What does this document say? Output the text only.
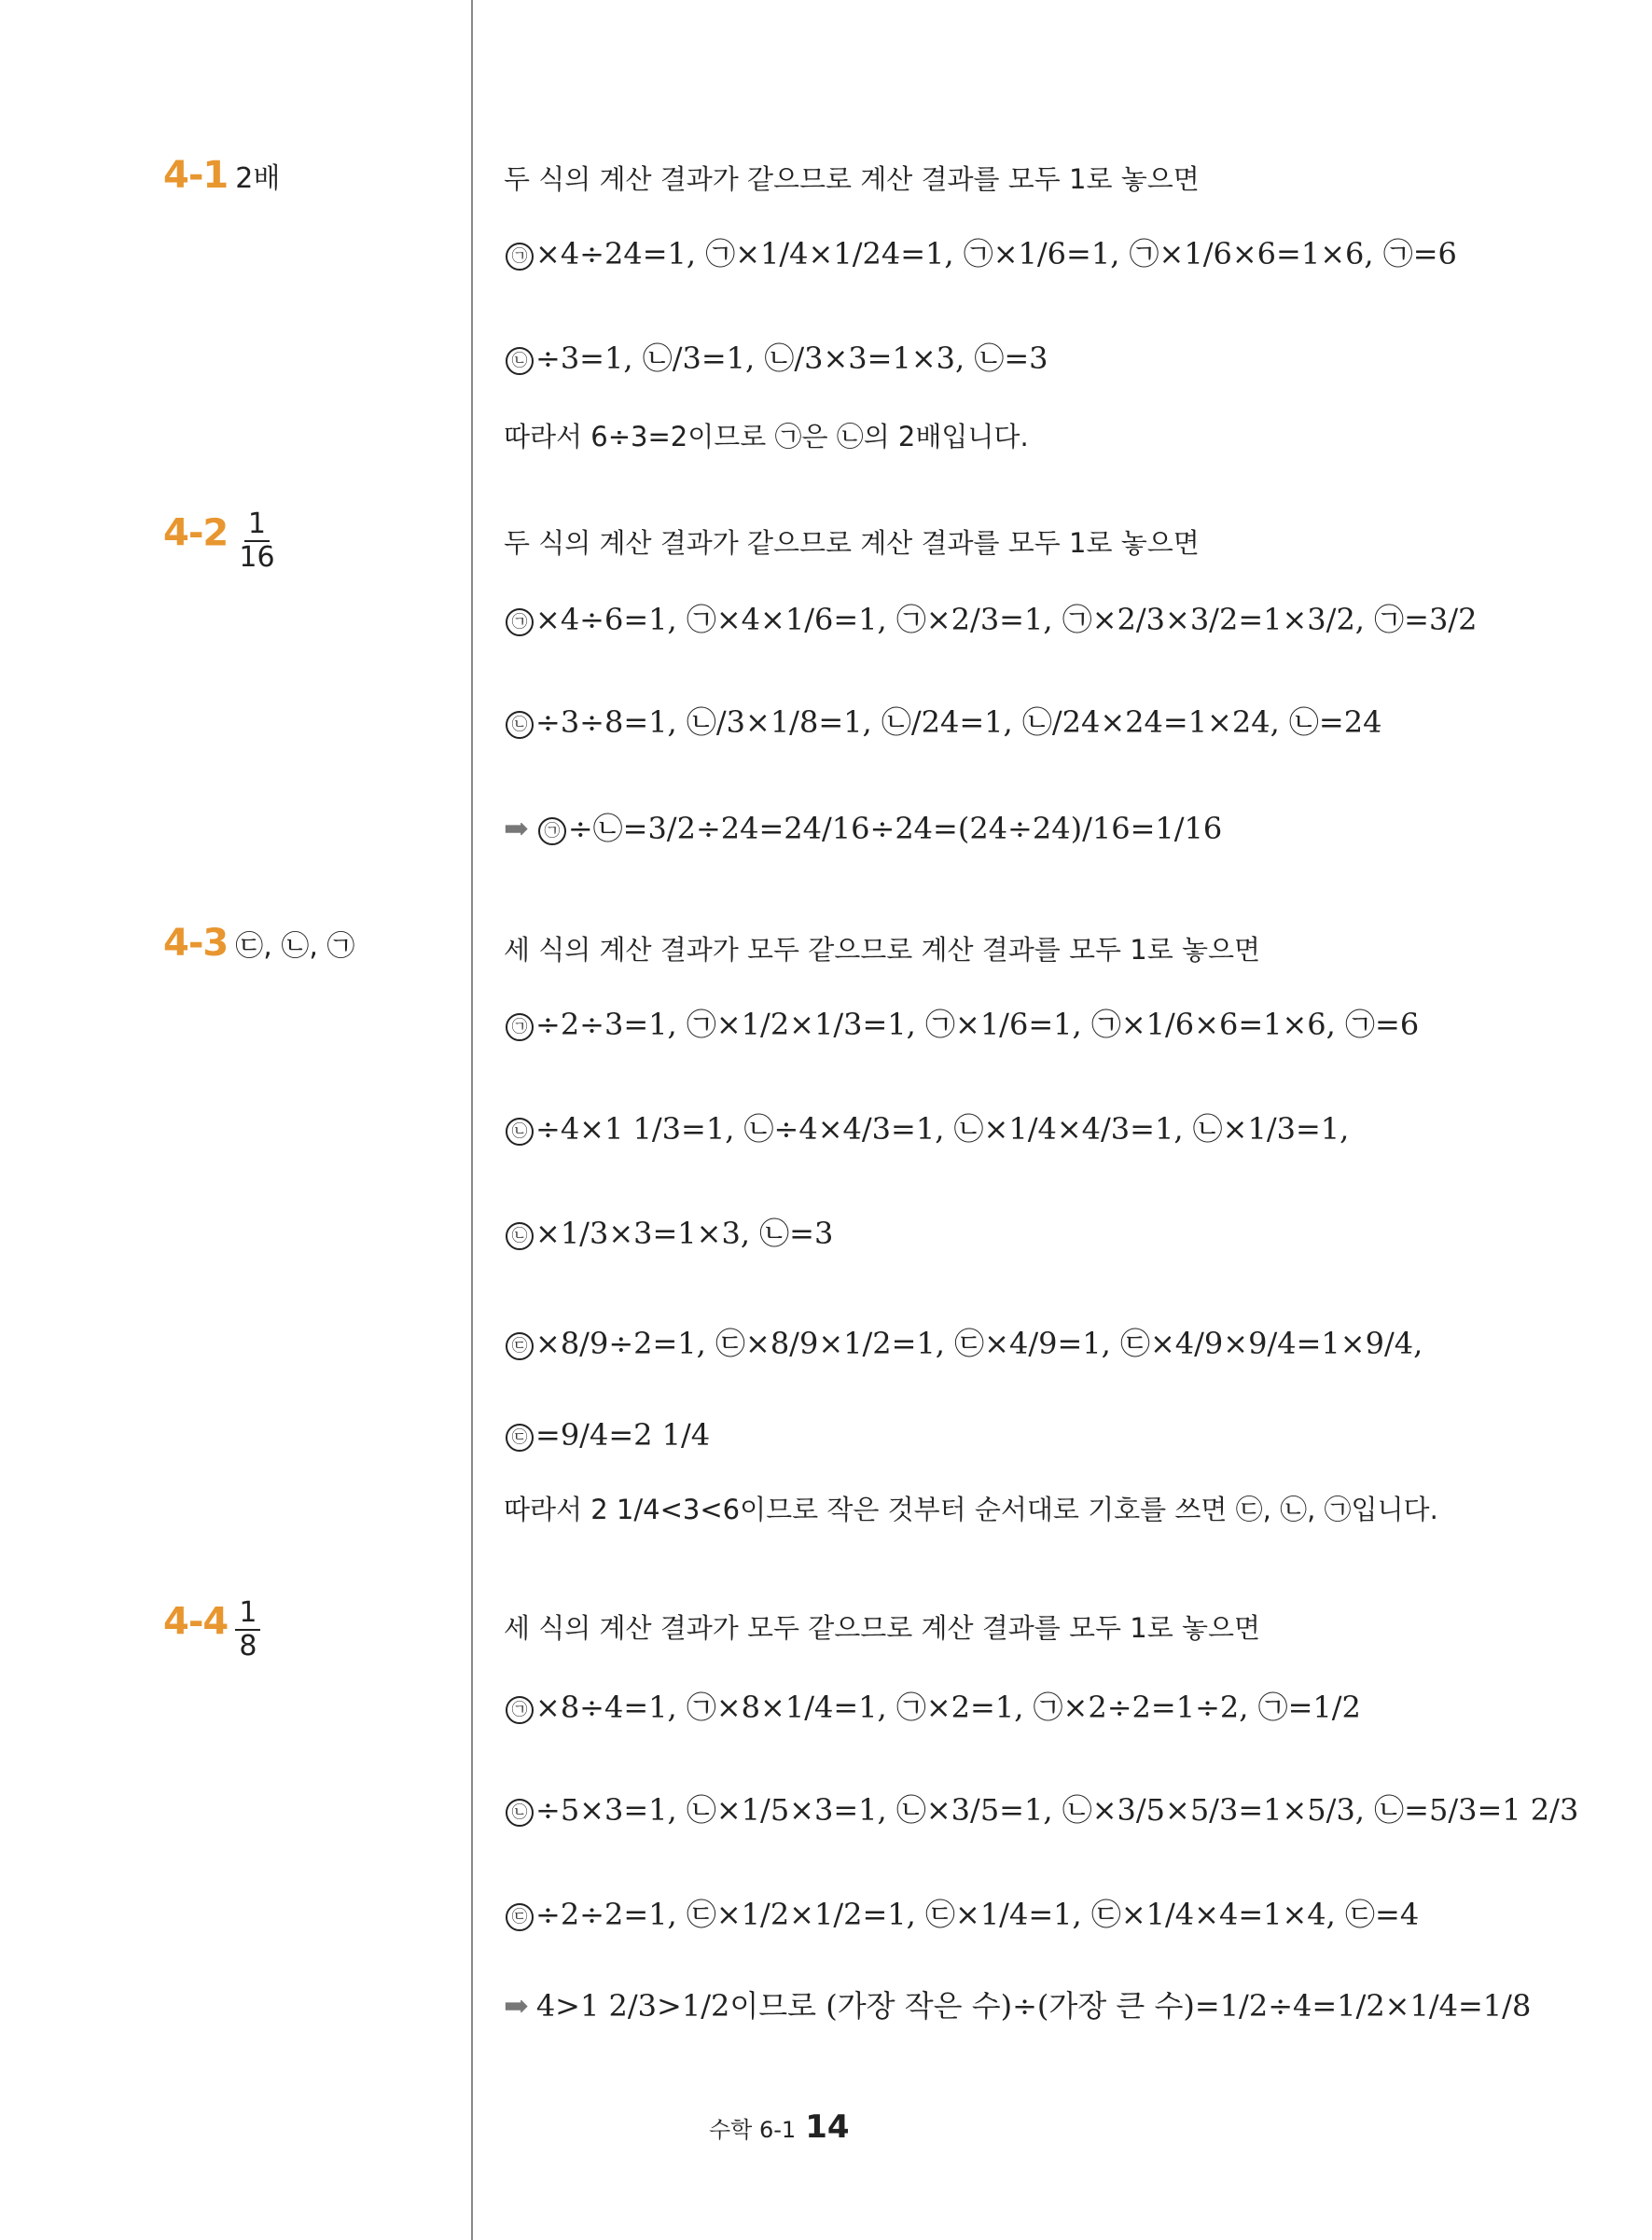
4-1 2배	두 식의 계산 결과가 같으므로 계산 결과를 모두 1로 놓으면
㉠ ×4÷24=1, ㉠×1/4×1/24=1, ㉠×1/6=1, ㉠×1/6×6=1×6, ㉠=6
㉡ ÷3=1, ㉡/3=1, ㉡/3×3=1×3, ㉡=3
따라서 6÷3=2이므로 ㉠은 ㉡의 2배입니다.
$4-2 \frac{1}{16}$	두 식의 계산 결과가 같으므로 계산 결과를 모두 1로 놓으면
㉠ ×4÷6=1, ㉠×4×1/6=1, ㉠×2/3=1, ㉠×2/3×3/2=1×3/2, ㉠=3/2
㉡ ÷3÷8=1, ㉡/3×1/8=1, ㉡/24=1, ㉡/24×24=1×24, ㉡=24
➡ ㉠ ÷㉡=3/2÷24=24/16÷24=(24÷24)/16=1/16
4-3 ㉢, ㉡, ㉠	세 식의 계산 결과가 모두 같으므로 계산 결과를 모두 1로 놓으면
㉠ ÷2÷3=1, ㉠×1/2×1/3=1, ㉠×1/6=1, ㉠×1/6×6=1×6, ㉠=6
㉡ ÷4×1 1/3=1, ㉡÷4×4/3=1, ㉡×1/4×4/3=1, ㉡×1/3=1,
㉡ ×1/3×3=1×3, ㉡=3
㉢ ×8/9÷2=1, ㉢×8/9×1/2=1, ㉢×4/9=1, ㉢×4/9×9/4=1×9/4,
㉢ =9/4=2 1/4
따라서 2 1/4<3<6이므로 작은 것부터 순서대로 기호를 쓰면 ㉢, ㉡, ㉠입니다.
$4-4 \frac{1}{8}$	세 식의 계산 결과가 모두 같으므로 계산 결과를 모두 1로 놓으면
㉠ ×8÷4=1, ㉠×8×1/4=1, ㉠×2=1, ㉠×2÷2=1÷2, ㉠=1/2
㉡ ÷5×3=1, ㉡×1/5×3=1, ㉡×3/5=1, ㉡×3/5×5/3=1×5/3, ㉡=5/3=1 2/3
㉢ ÷2÷2=1, ㉢×1/2×1/2=1, ㉢×1/4=1, ㉢×1/4×4=1×4, ㉢=4
➡ 4>1 2/3>1/2이므로 (가장 작은 수)÷(가장 큰 수)=1/2÷4=1/2×1/4=1/8
수학 6-1 14
